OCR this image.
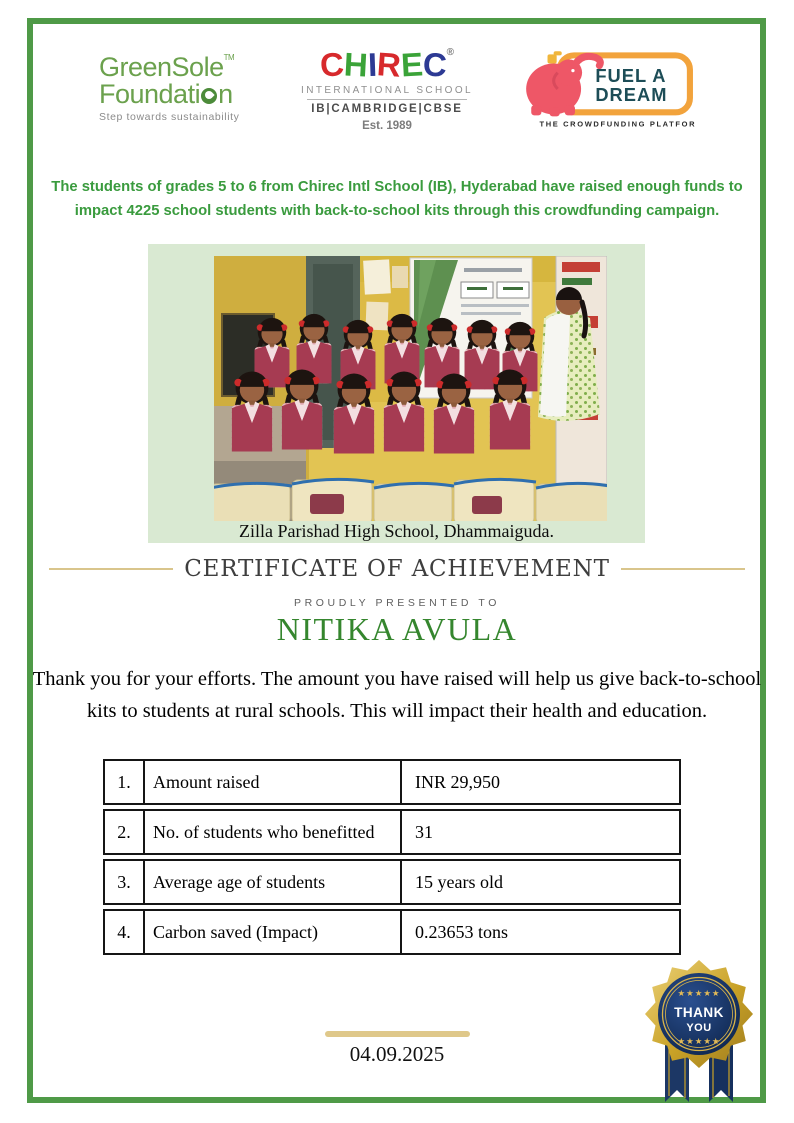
GreenSole™
Foundati n
Step towards sustainability
CHIREC®
INTERNATIONAL SCHOOL
IB|CAMBRIDGE|CBSE
Est. 1989
FUEL A
DREAM
THE CROWDFUNDING PLATFORM
The students of grades 5 to 6 from Chirec Intl School (IB), Hyderabad have raised enough funds to impact 4225 school students with back-to-school kits through this crowdfunding campaign.
Zilla Parishad High School, Dhammaiguda.
CERTIFICATE OF ACHIEVEMENT
PROUDLY PRESENTED TO
NITIKA AVULA
Thank you for your efforts. The amount you have raised will help us give back-to-school kits to students at rural schools. This will impact their health and education.
1.	Amount raised	INR 29,950
2.	No. of students who benefitted	31
3.	Average age of students	15 years old
4.	Carbon saved (Impact)	0.23653 tons
★★★★★
THANK
YOU
★★★★★
04.09.2025
